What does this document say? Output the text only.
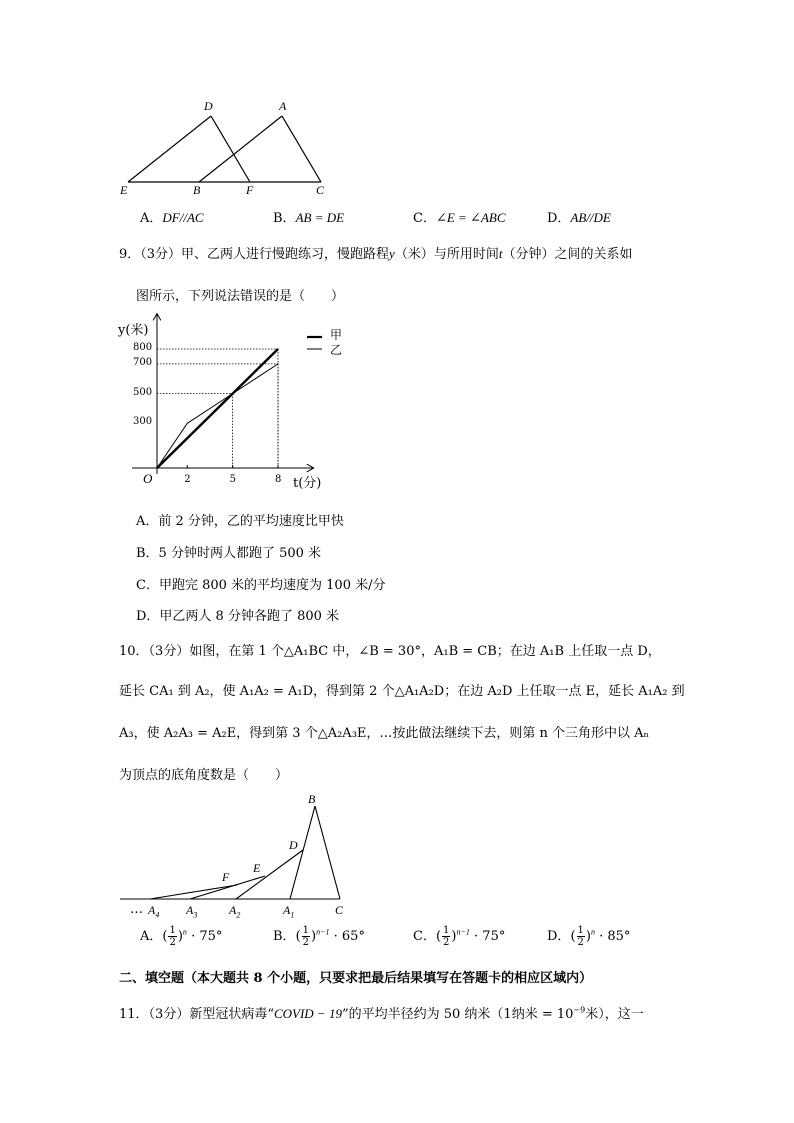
D	A
E	B	F	C
A．DF//AC	B．AB = DE	C．∠E = ∠ABC	D．AB//DE
9．（3分）甲、乙两人进行慢跑练习，慢跑路程y（米）与所用时间t（分钟）之间的关系如
图所示，下列说法错误的是（　　）
y(米)
t(分)
O	2	5	8
300
500
700
800
甲
乙
A．前 2 分钟，乙的平均速度比甲快
B．5 分钟时两人都跑了 500 米
C．甲跑完 800 米的平均速度为 100 米/分
D．甲乙两人 8 分钟各跑了 800 米
10．（3分）如图，在第 1 个△A₁BC 中，∠B = 30°，A₁B = CB；在边 A₁B 上任取一点 D，
延长 CA₁ 到 A₂，使 A₁A₂ = A₁D，得到第 2 个△A₁A₂D；在边 A₂D 上任取一点 E，延长 A₁A₂ 到
A₃，使 A₂A₃ = A₂E，得到第 3 个△A₂A₃E，…按此做法继续下去，则第 n 个三角形中以 Aₙ
为顶点的底角度数是（　　）
B
D
E
F
… $A_4$ $A_3$	$A_2$	$A_1$	C
A．( $\frac{1}{2} )^n \cdot 75^\circ$	B．( $\frac{1}{2} )^{n-1} \cdot 65^\circ$	C．( $\frac{1}{2} )^{n-1} \cdot 75^\circ$	D．( $\frac{1}{2} )^n \cdot 85^\circ$
二、填空题（本大题共 8 个小题，只要求把最后结果填写在答题卡的相应区域内）
11．（3分）新型冠状病毒“COVID − 19”的平均半径约为 50 纳米（1纳米 = $10^{-9}$米），这一
